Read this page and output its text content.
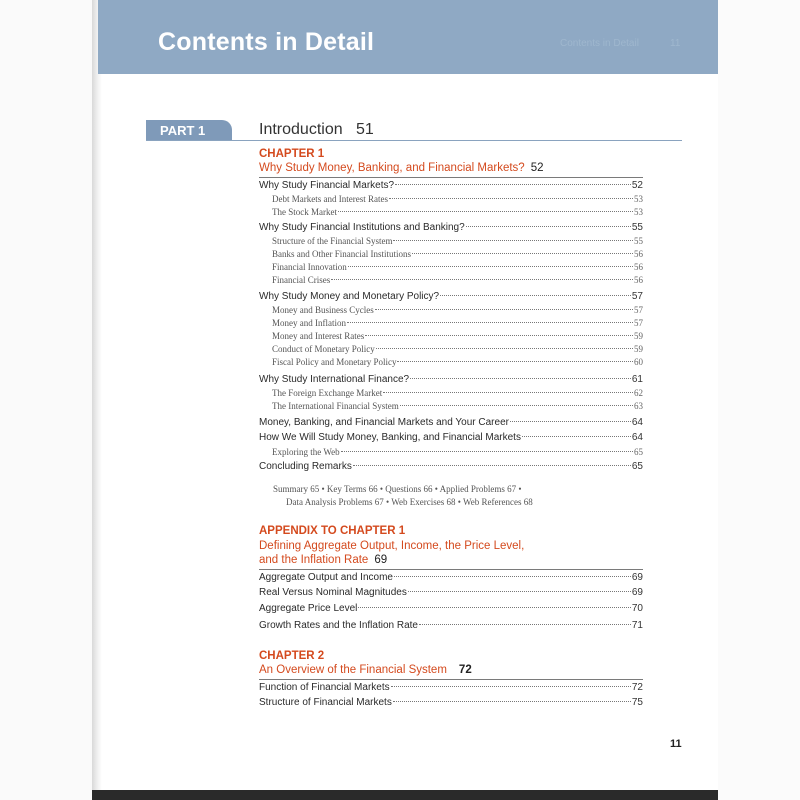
Contents in Detail	Contents in Detail	11
PART 1	Introduction 51
CHAPTER 1
Why Study Money, Banking, and Financial Markets? 52
Why Study Financial Markets?	52
Debt Markets and Interest Rates	53
The Stock Market	53
Why Study Financial Institutions and Banking?	55
Structure of the Financial System	55
Banks and Other Financial Institutions	56
Financial Innovation	56
Financial Crises	56
Why Study Money and Monetary Policy?	57
Money and Business Cycles	57
Money and Inflation	57
Money and Interest Rates	59
Conduct of Monetary Policy	59
Fiscal Policy and Monetary Policy	60
Why Study International Finance?	61
The Foreign Exchange Market	62
The International Financial System	63
Money, Banking, and Financial Markets and Your Career	64
How We Will Study Money, Banking, and Financial Markets	64
Exploring the Web	65
Concluding Remarks	65
Summary 65 • Key Terms 66 • Questions 66 • Applied Problems 67 •
Data Analysis Problems 67 • Web Exercises 68 • Web References 68
APPENDIX TO CHAPTER 1
Defining Aggregate Output, Income, the Price Level,
and the Inflation Rate 69
Aggregate Output and Income	69
Real Versus Nominal Magnitudes	69
Aggregate Price Level	70
Growth Rates and the Inflation Rate	71
CHAPTER 2
An Overview of the Financial System 72
Function of Financial Markets	72
Structure of Financial Markets	75
11
